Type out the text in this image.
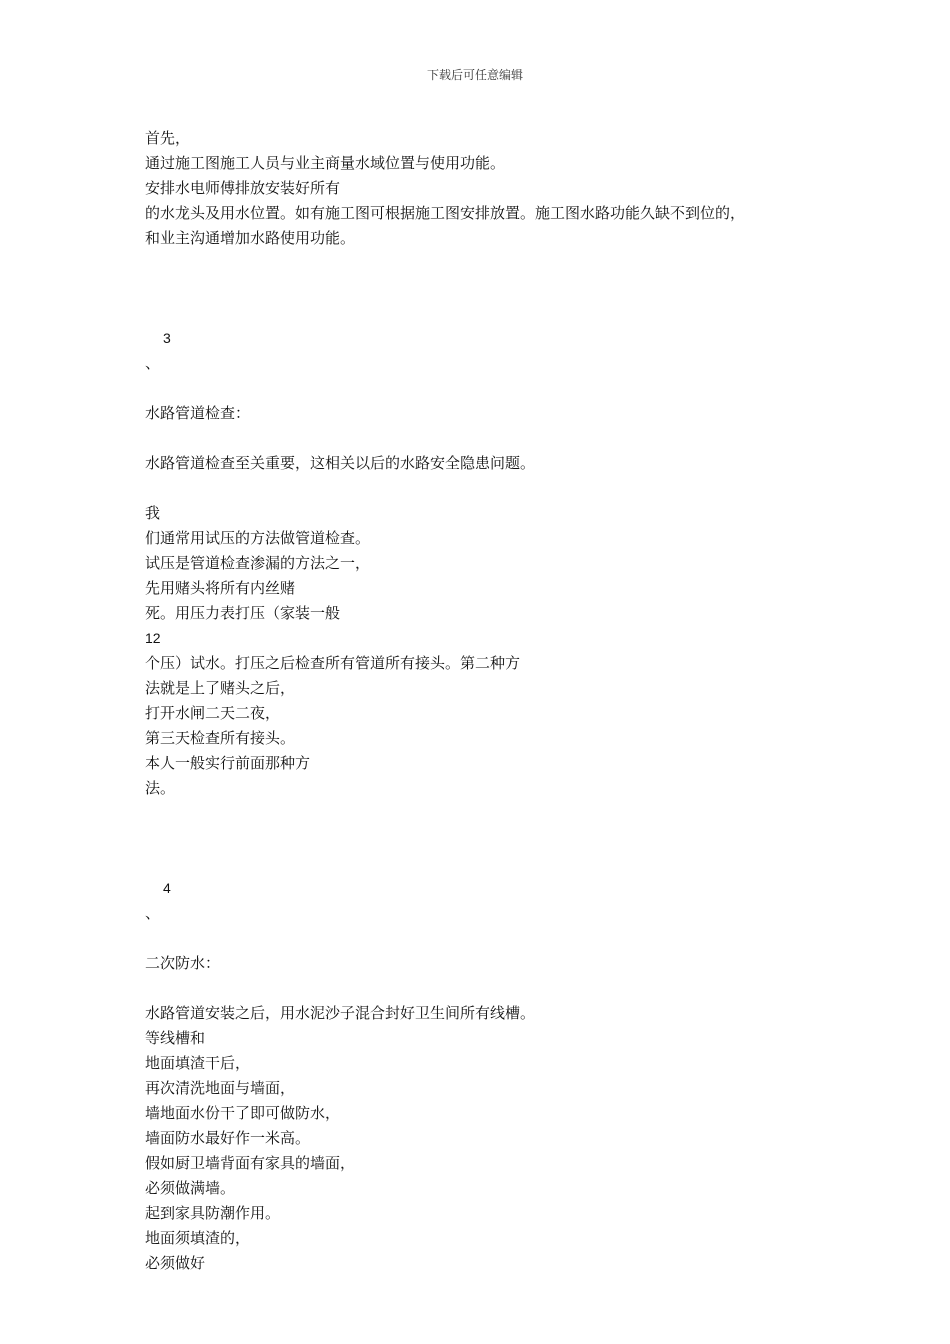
下载后可任意编辑
首先，
通过施工图施工人员与业主商量水域位置与使用功能。
安排水电师傅排放安装好所有
的水龙头及用水位置。如有施工图可根据施工图安排放置。施工图水路功能久缺不到位的，
和业主沟通增加水路使用功能。
3
、
水路管道检查：
水路管道检查至关重要，这相关以后的水路安全隐患问题。
我
们通常用试压的方法做管道检查。
试压是管道检查渗漏的方法之一，
先用赌头将所有内丝赌
死。用压力表打压（家装一般
12
个压）试水。打压之后检查所有管道所有接头。第二种方
法就是上了赌头之后，
打开水闸二天二夜，
第三天检查所有接头。
本人一般实行前面那种方
法。
4
、
二次防水：
水路管道安装之后，用水泥沙子混合封好卫生间所有线槽。
等线槽和
地面填渣干后，
再次清洗地面与墙面，
墙地面水份干了即可做防水，
墙面防水最好作一米高。
假如厨卫墙背面有家具的墙面，
必须做满墙。
起到家具防潮作用。
地面须填渣的，
必须做好
